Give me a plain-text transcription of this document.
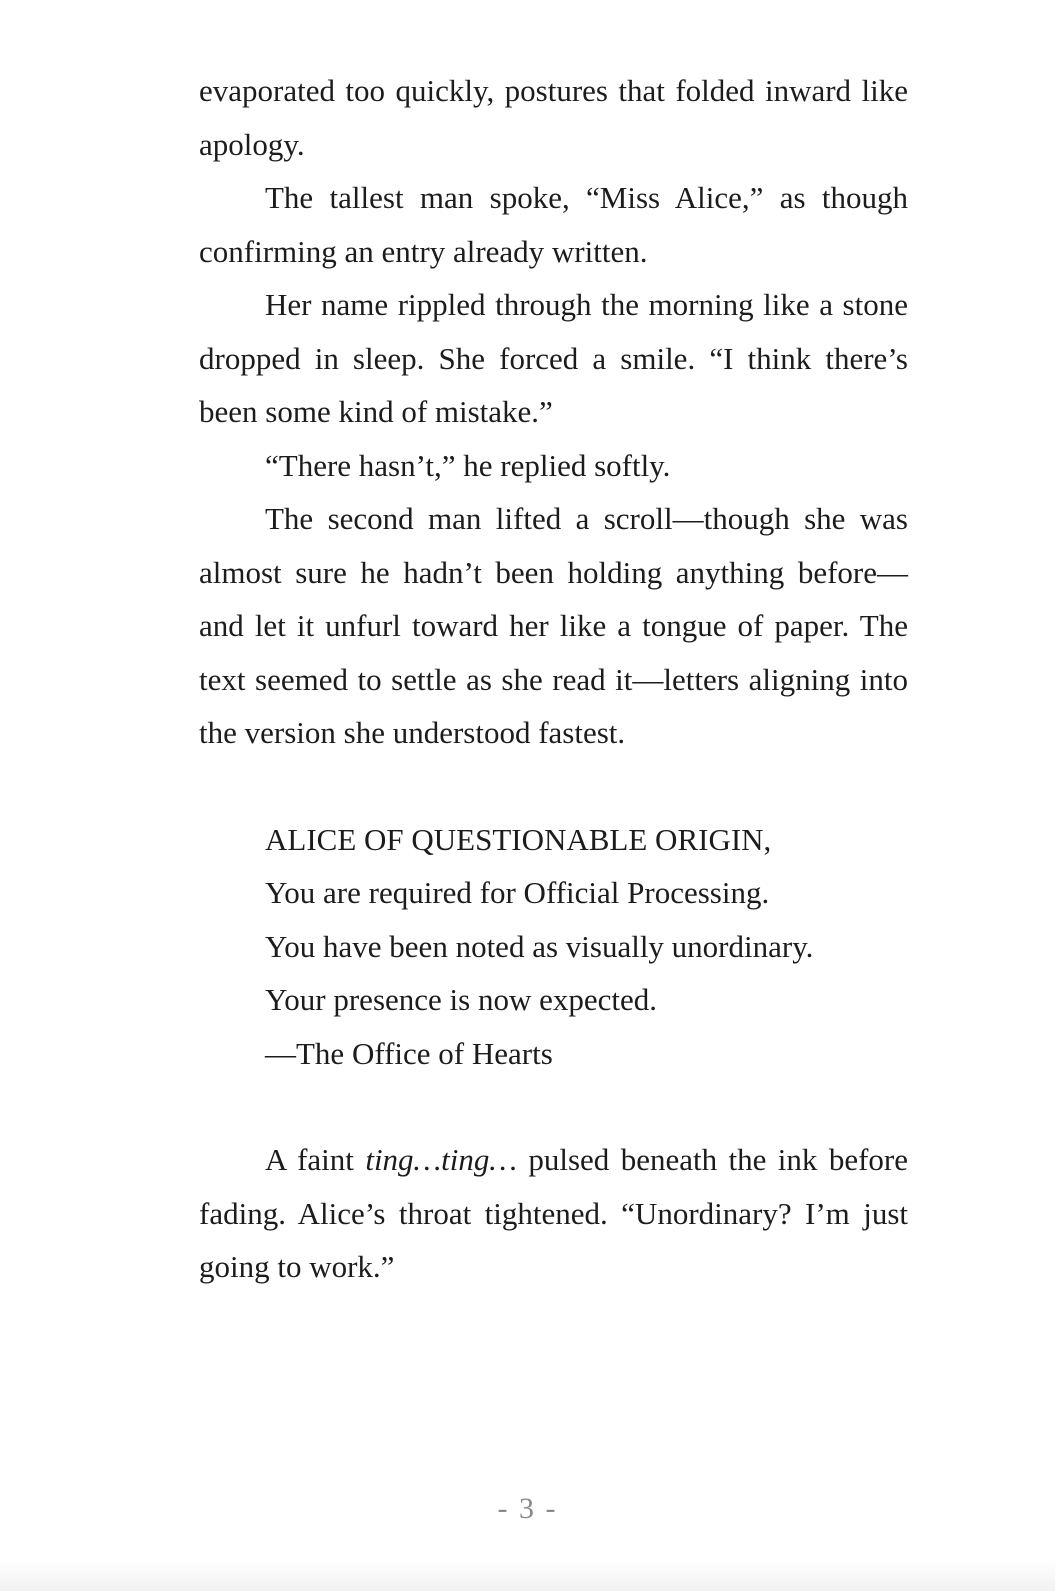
evaporated too quickly, postures that folded inward like apology.

The tallest man spoke, “Miss Alice,” as though confirming an entry already written.

Her name rippled through the morning like a stone dropped in sleep. She forced a smile. “I think there’s been some kind of mistake.”

“There hasn’t,” he replied softly.

The second man lifted a scroll—though she was almost sure he hadn’t been holding anything before—and let it unfurl toward her like a tongue of paper. The text seemed to settle as she read it—letters aligning into the version she understood fastest.

ALICE OF QUESTIONABLE ORIGIN,
You are required for Official Processing.
You have been noted as visually unordinary.
Your presence is now expected.
—The Office of Hearts

A faint ting…ting… pulsed beneath the ink before fading. Alice’s throat tightened. “Unordinary? I’m just going to work.”

- 3 -
